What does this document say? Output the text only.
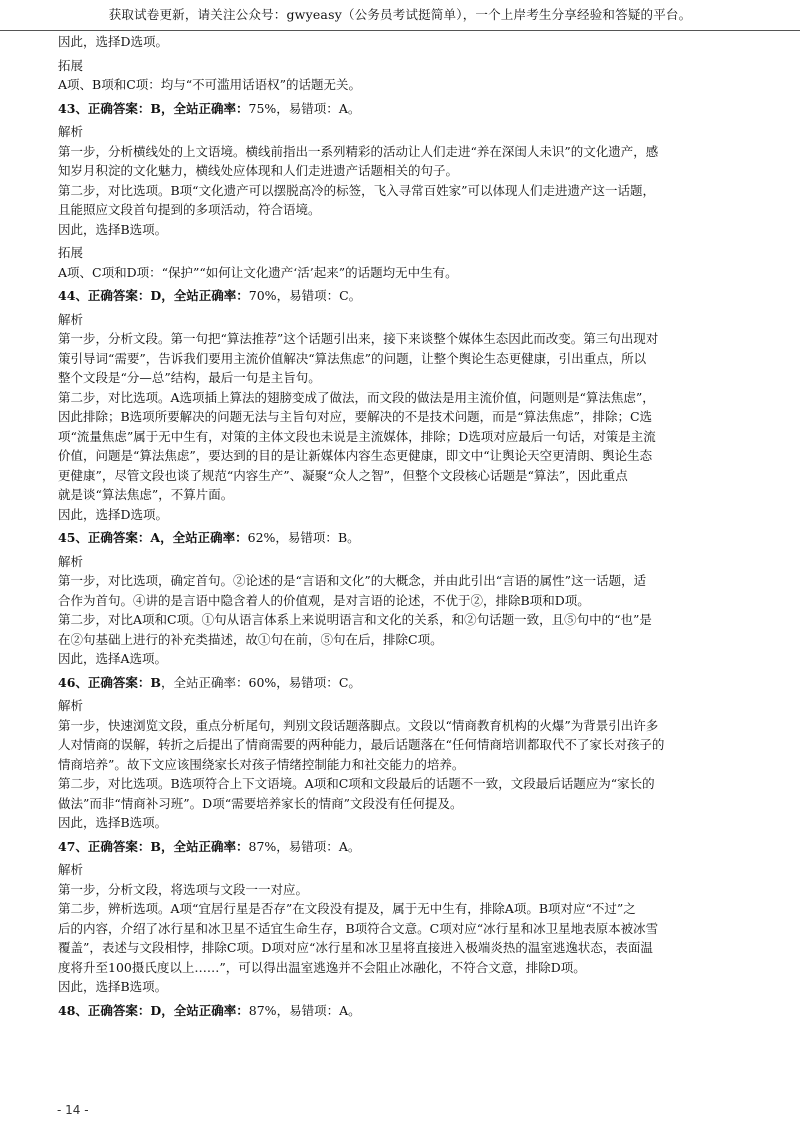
获取试卷更新，请关注公众号：gwyeasy（公务员考试挺简单），一个上岸考生分享经验和答疑的平台。

因此，选择D选项。

拓展

A项、B项和C项：均与“不可滥用话语权”的话题无关。

43、正确答案：B，全站正确率：75%，易错项：A。

解析

第一步，分析横线处的上文语境。横线前指出一系列精彩的活动让人们走进“养在深闺人未识”的文化遗产，感

知岁月积淀的文化魅力，横线处应体现和人们走进遗产话题相关的句子。

第二步，对比选项。B项“文化遗产可以摆脱高冷的标签，飞入寻常百姓家”可以体现人们走进遗产这一话题，

且能照应文段首句提到的多项活动，符合语境。

因此，选择B选项。

拓展

A项、C项和D项：“保护”“如何让文化遗产‘活’起来”的话题均无中生有。

44、正确答案：D，全站正确率：70%，易错项：C。

解析

第一步，分析文段。第一句把“算法推荐”这个话题引出来，接下来谈整个媒体生态因此而改变。第三句出现对

策引导词“需要”，告诉我们要用主流价值解决“算法焦虑”的问题，让整个舆论生态更健康，引出重点，所以

整个文段是“分—总”结构，最后一句是主旨句。

第二步，对比选项。A选项插上算法的翅膀变成了做法，而文段的做法是用主流价值，问题则是“算法焦虑”，

因此排除；B选项所要解决的问题无法与主旨句对应，要解决的不是技术问题，而是“算法焦虑”，排除；C选

项“流量焦虑”属于无中生有，对策的主体文段也未说是主流媒体，排除；D选项对应最后一句话，对策是主流

价值，问题是“算法焦虑”，要达到的目的是让新媒体内容生态更健康，即文中“让舆论天空更清朗、舆论生态

更健康”，尽管文段也谈了规范“内容生产”、凝聚“众人之智”，但整个文段核心话题是“算法”，因此重点

就是谈“算法焦虑”，不算片面。

因此，选择D选项。

45、正确答案：A，全站正确率：62%，易错项：B。

解析

第一步，对比选项，确定首句。②论述的是“言语和文化”的大概念，并由此引出“言语的属性”这一话题，适

合作为首句。④讲的是言语中隐含着人的价值观，是对言语的论述，不优于②，排除B项和D项。

第二步，对比A项和C项。①句从语言体系上来说明语言和文化的关系，和②句话题一致，且⑤句中的“也”是

在②句基础上进行的补充类描述，故①句在前，⑤句在后，排除C项。

因此，选择A选项。

46、正确答案：B，全站正确率：60%，易错项：C。

解析

第一步，快速浏览文段，重点分析尾句，判别文段话题落脚点。文段以“情商教育机构的火爆”为背景引出许多

人对情商的误解，转折之后提出了情商需要的两种能力，最后话题落在“任何情商培训都取代不了家长对孩子的

情商培养”。故下文应该围绕家长对孩子情绪控制能力和社交能力的培养。

第二步，对比选项。B选项符合上下文语境。A项和C项和文段最后的话题不一致，文段最后话题应为“家长的

做法”而非“情商补习班”。D项“需要培养家长的情商”文段没有任何提及。

因此，选择B选项。

47、正确答案：B，全站正确率：87%，易错项：A。

解析

第一步，分析文段，将选项与文段一一对应。

第二步，辨析选项。A项“宜居行星是否存”在文段没有提及，属于无中生有，排除A项。B项对应“不过”之

后的内容，介绍了冰行星和冰卫星不适宜生命生存，B项符合文意。C项对应“冰行星和冰卫星地表原本被冰雪

覆盖”，表述与文段相悖，排除C项。D项对应“冰行星和冰卫星将直接进入极端炎热的温室逃逸状态，表面温

度将升至100摄氏度以上……”，可以得出温室逃逸并不会阻止冰融化，不符合文意，排除D项。

因此，选择B选项。

48、正确答案：D，全站正确率：87%，易错项：A。

- 14 -
